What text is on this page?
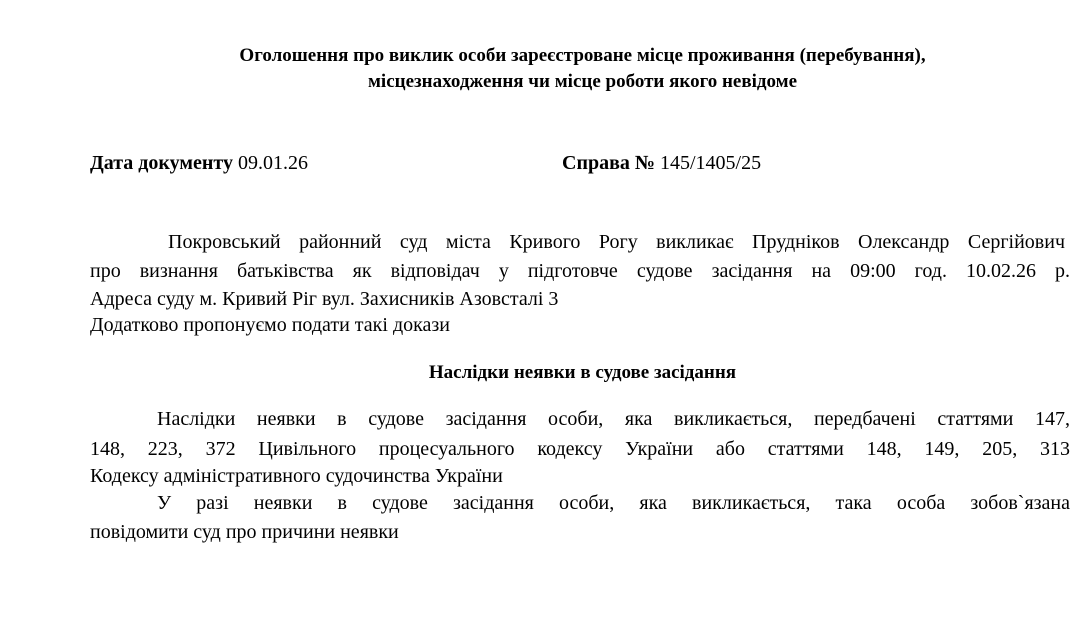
Оголошення про виклик особи зареєстроване місце проживання (перебування),
місцезнаходження чи місце роботи якого невідоме
Дата документу 09.01.26	Справа № 145/1405/25
Покровський районний суд міста Кривого Рогу викликає Прудніков Олександр Сергійович
про визнання батьківства як відповідач у підготовче судове засідання на 09:00 год. 10.02.26 р.
Адреса суду м. Кривий Ріг вул. Захисників Азовсталі 3
Додатково пропонуємо подати такі докази
Наслідки неявки в судове засідання
Наслідки неявки в судове засідання особи, яка викликається, передбачені статтями 147,
148, 223, 372 Цивільного процесуального кодексу України або статтями 148, 149, 205, 313
Кодексу адміністративного судочинства України
У разі неявки в судове засідання особи, яка викликається, така особа зобов`язана
повідомити суд про причини неявки
